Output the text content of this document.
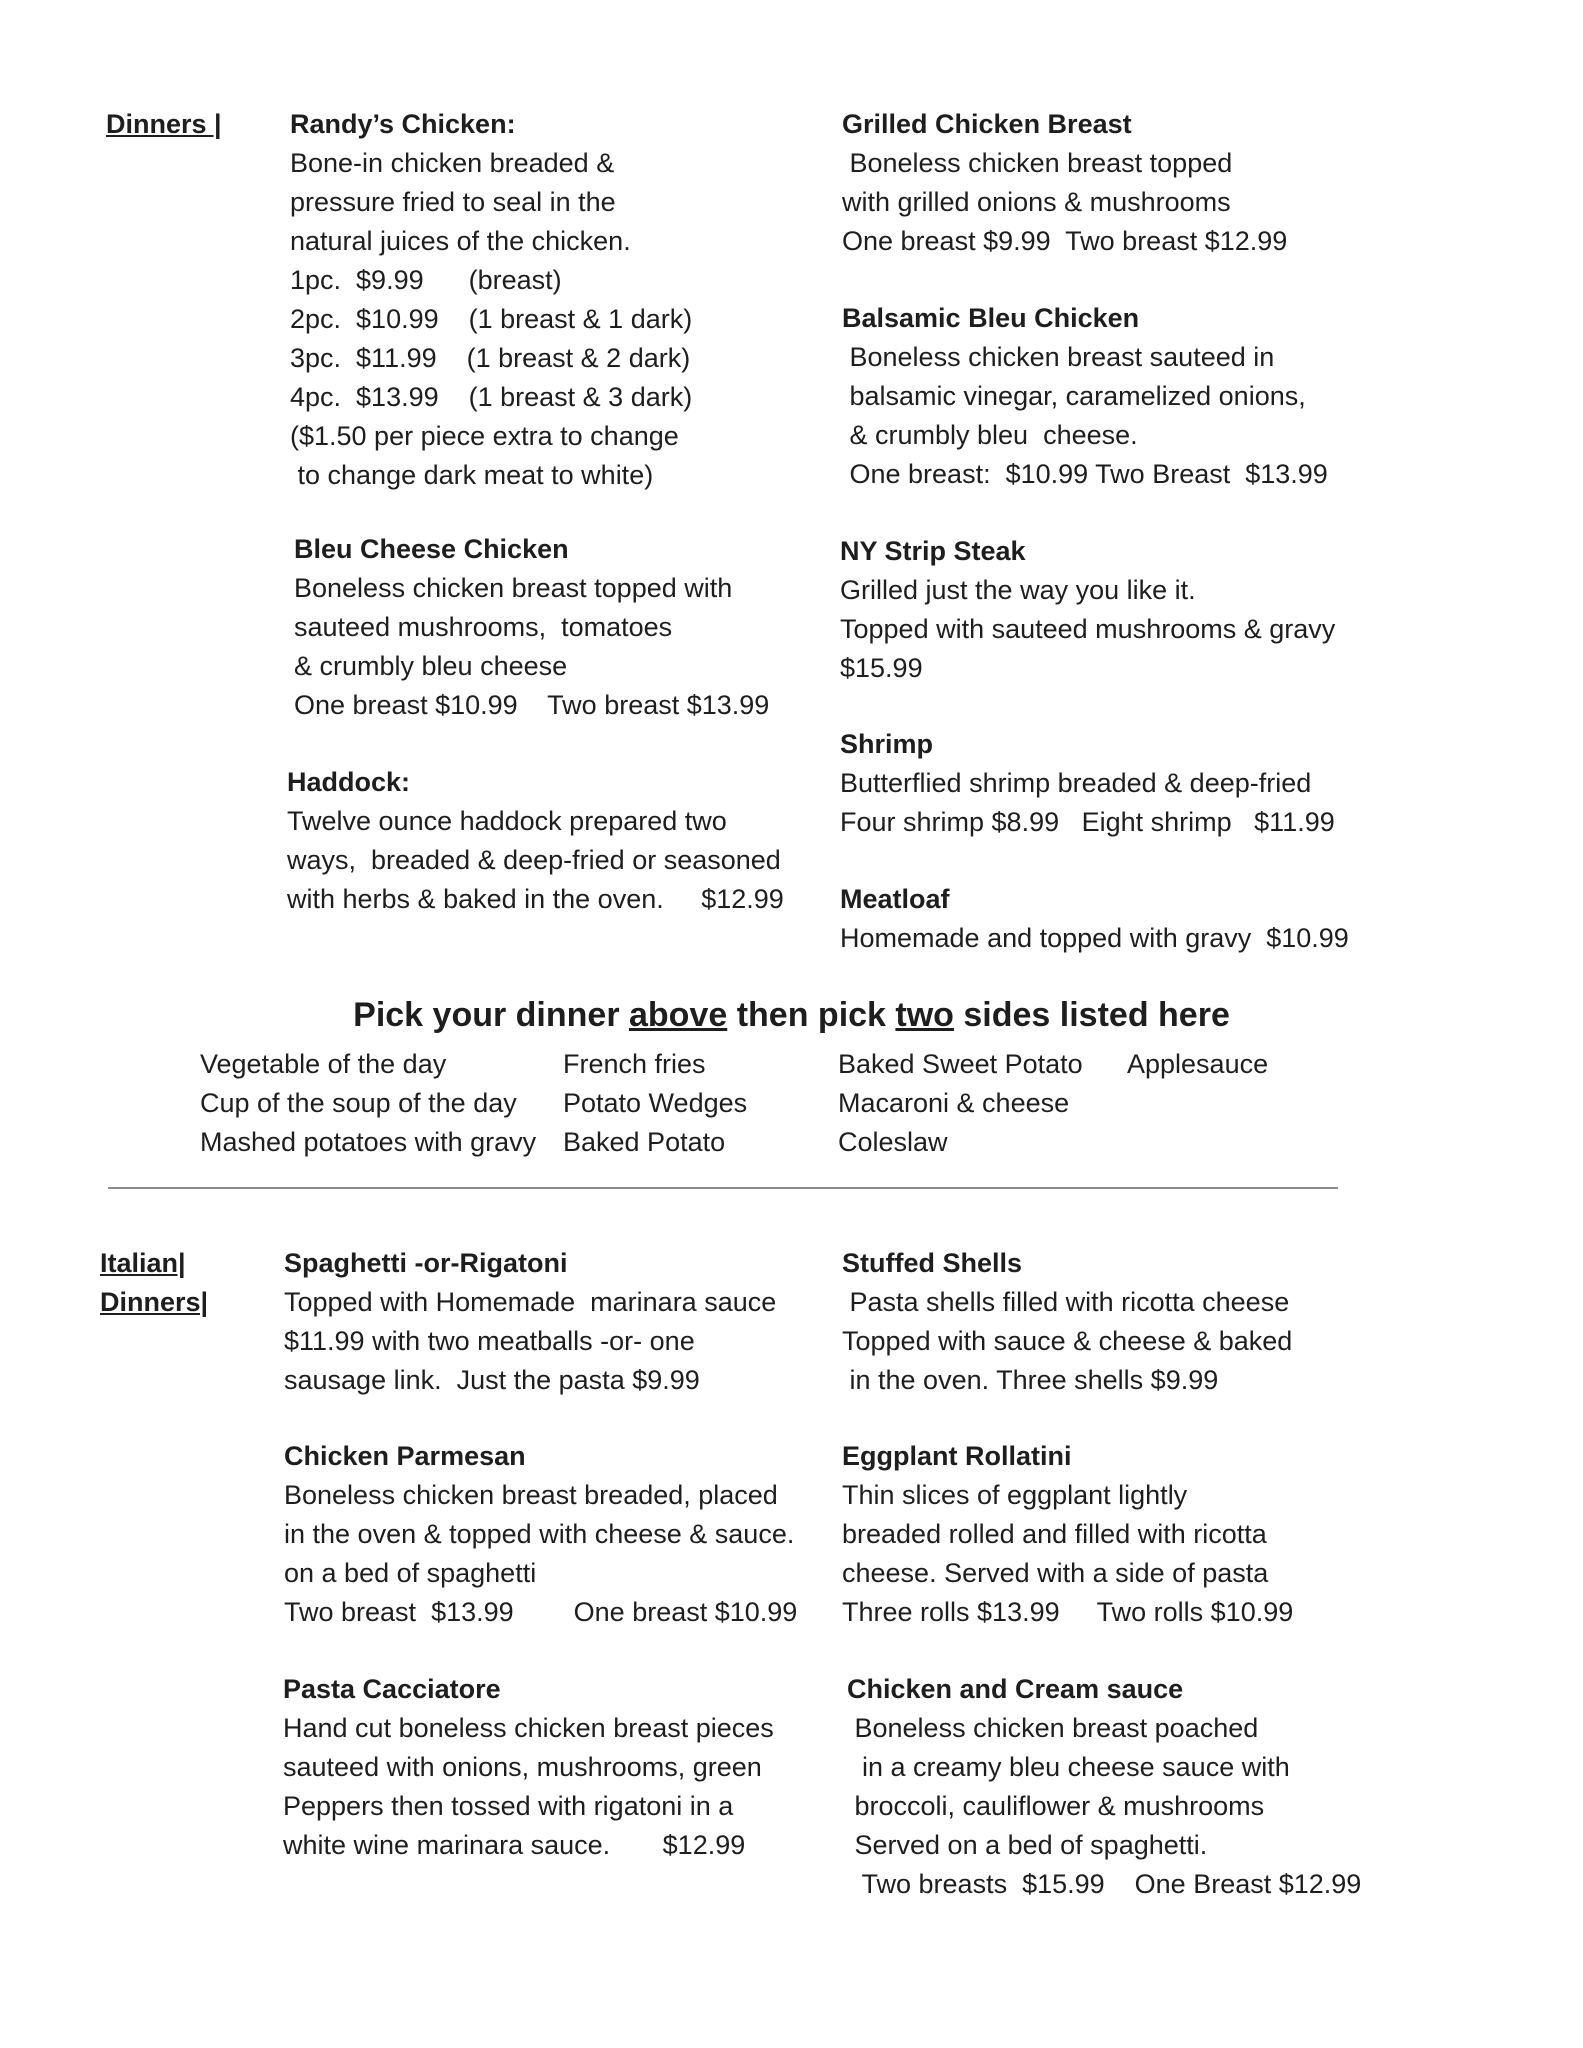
Dinners |
Italian|
Dinners|
Randy’s Chicken:
Bone-in chicken breaded &
pressure fried to seal in the
natural juices of the chicken.
1pc.  $9.99      (breast)
2pc.  $10.99    (1 breast & 1 dark)
3pc.  $11.99    (1 breast & 2 dark)
4pc.  $13.99    (1 breast & 3 dark)
($1.50 per piece extra to change
to change dark meat to white)
Bleu Cheese Chicken
Boneless chicken breast topped with
sauteed mushrooms,  tomatoes
& crumbly bleu cheese
One breast $10.99    Two breast $13.99
Haddock:
Twelve ounce haddock prepared two
ways,  breaded & deep-fried or seasoned
with herbs & baked in the oven.     $12.99
Grilled Chicken Breast
Boneless chicken breast topped
with grilled onions & mushrooms
One breast $9.99  Two breast $12.99
Balsamic Bleu Chicken
Boneless chicken breast sauteed in
balsamic vinegar, caramelized onions,
& crumbly bleu  cheese.
One breast:  $10.99 Two Breast  $13.99
NY Strip Steak
Grilled just the way you like it.
Topped with sauteed mushrooms & gravy
$15.99
Shrimp
Butterflied shrimp breaded & deep-fried
Four shrimp $8.99   Eight shrimp   $11.99
Meatloaf
Homemade and topped with gravy  $10.99
Pick your dinner above then pick two sides listed here
Vegetable of the day
Cup of the soup of the day
Mashed potatoes with gravy
French fries
Potato Wedges
Baked Potato
Baked Sweet Potato
Macaroni & cheese
Coleslaw
Applesauce
Spaghetti -or-Rigatoni
Topped with Homemade  marinara sauce
$11.99 with two meatballs -or- one
sausage link.  Just the pasta $9.99
Chicken Parmesan
Boneless chicken breast breaded, placed
in the oven & topped with cheese & sauce.
on a bed of spaghetti
Two breast  $13.99        One breast $10.99
Pasta Cacciatore
Hand cut boneless chicken breast pieces
sauteed with onions, mushrooms, green
Peppers then tossed with rigatoni in a
white wine marinara sauce.       $12.99
Stuffed Shells
Pasta shells filled with ricotta cheese
Topped with sauce & cheese & baked
in the oven. Three shells $9.99
Eggplant Rollatini
Thin slices of eggplant lightly
breaded rolled and filled with ricotta
cheese. Served with a side of pasta
Three rolls $13.99     Two rolls $10.99
Chicken and Cream sauce
Boneless chicken breast poached
in a creamy bleu cheese sauce with
broccoli, cauliflower & mushrooms
Served on a bed of spaghetti.
Two breasts  $15.99    One Breast $12.99
